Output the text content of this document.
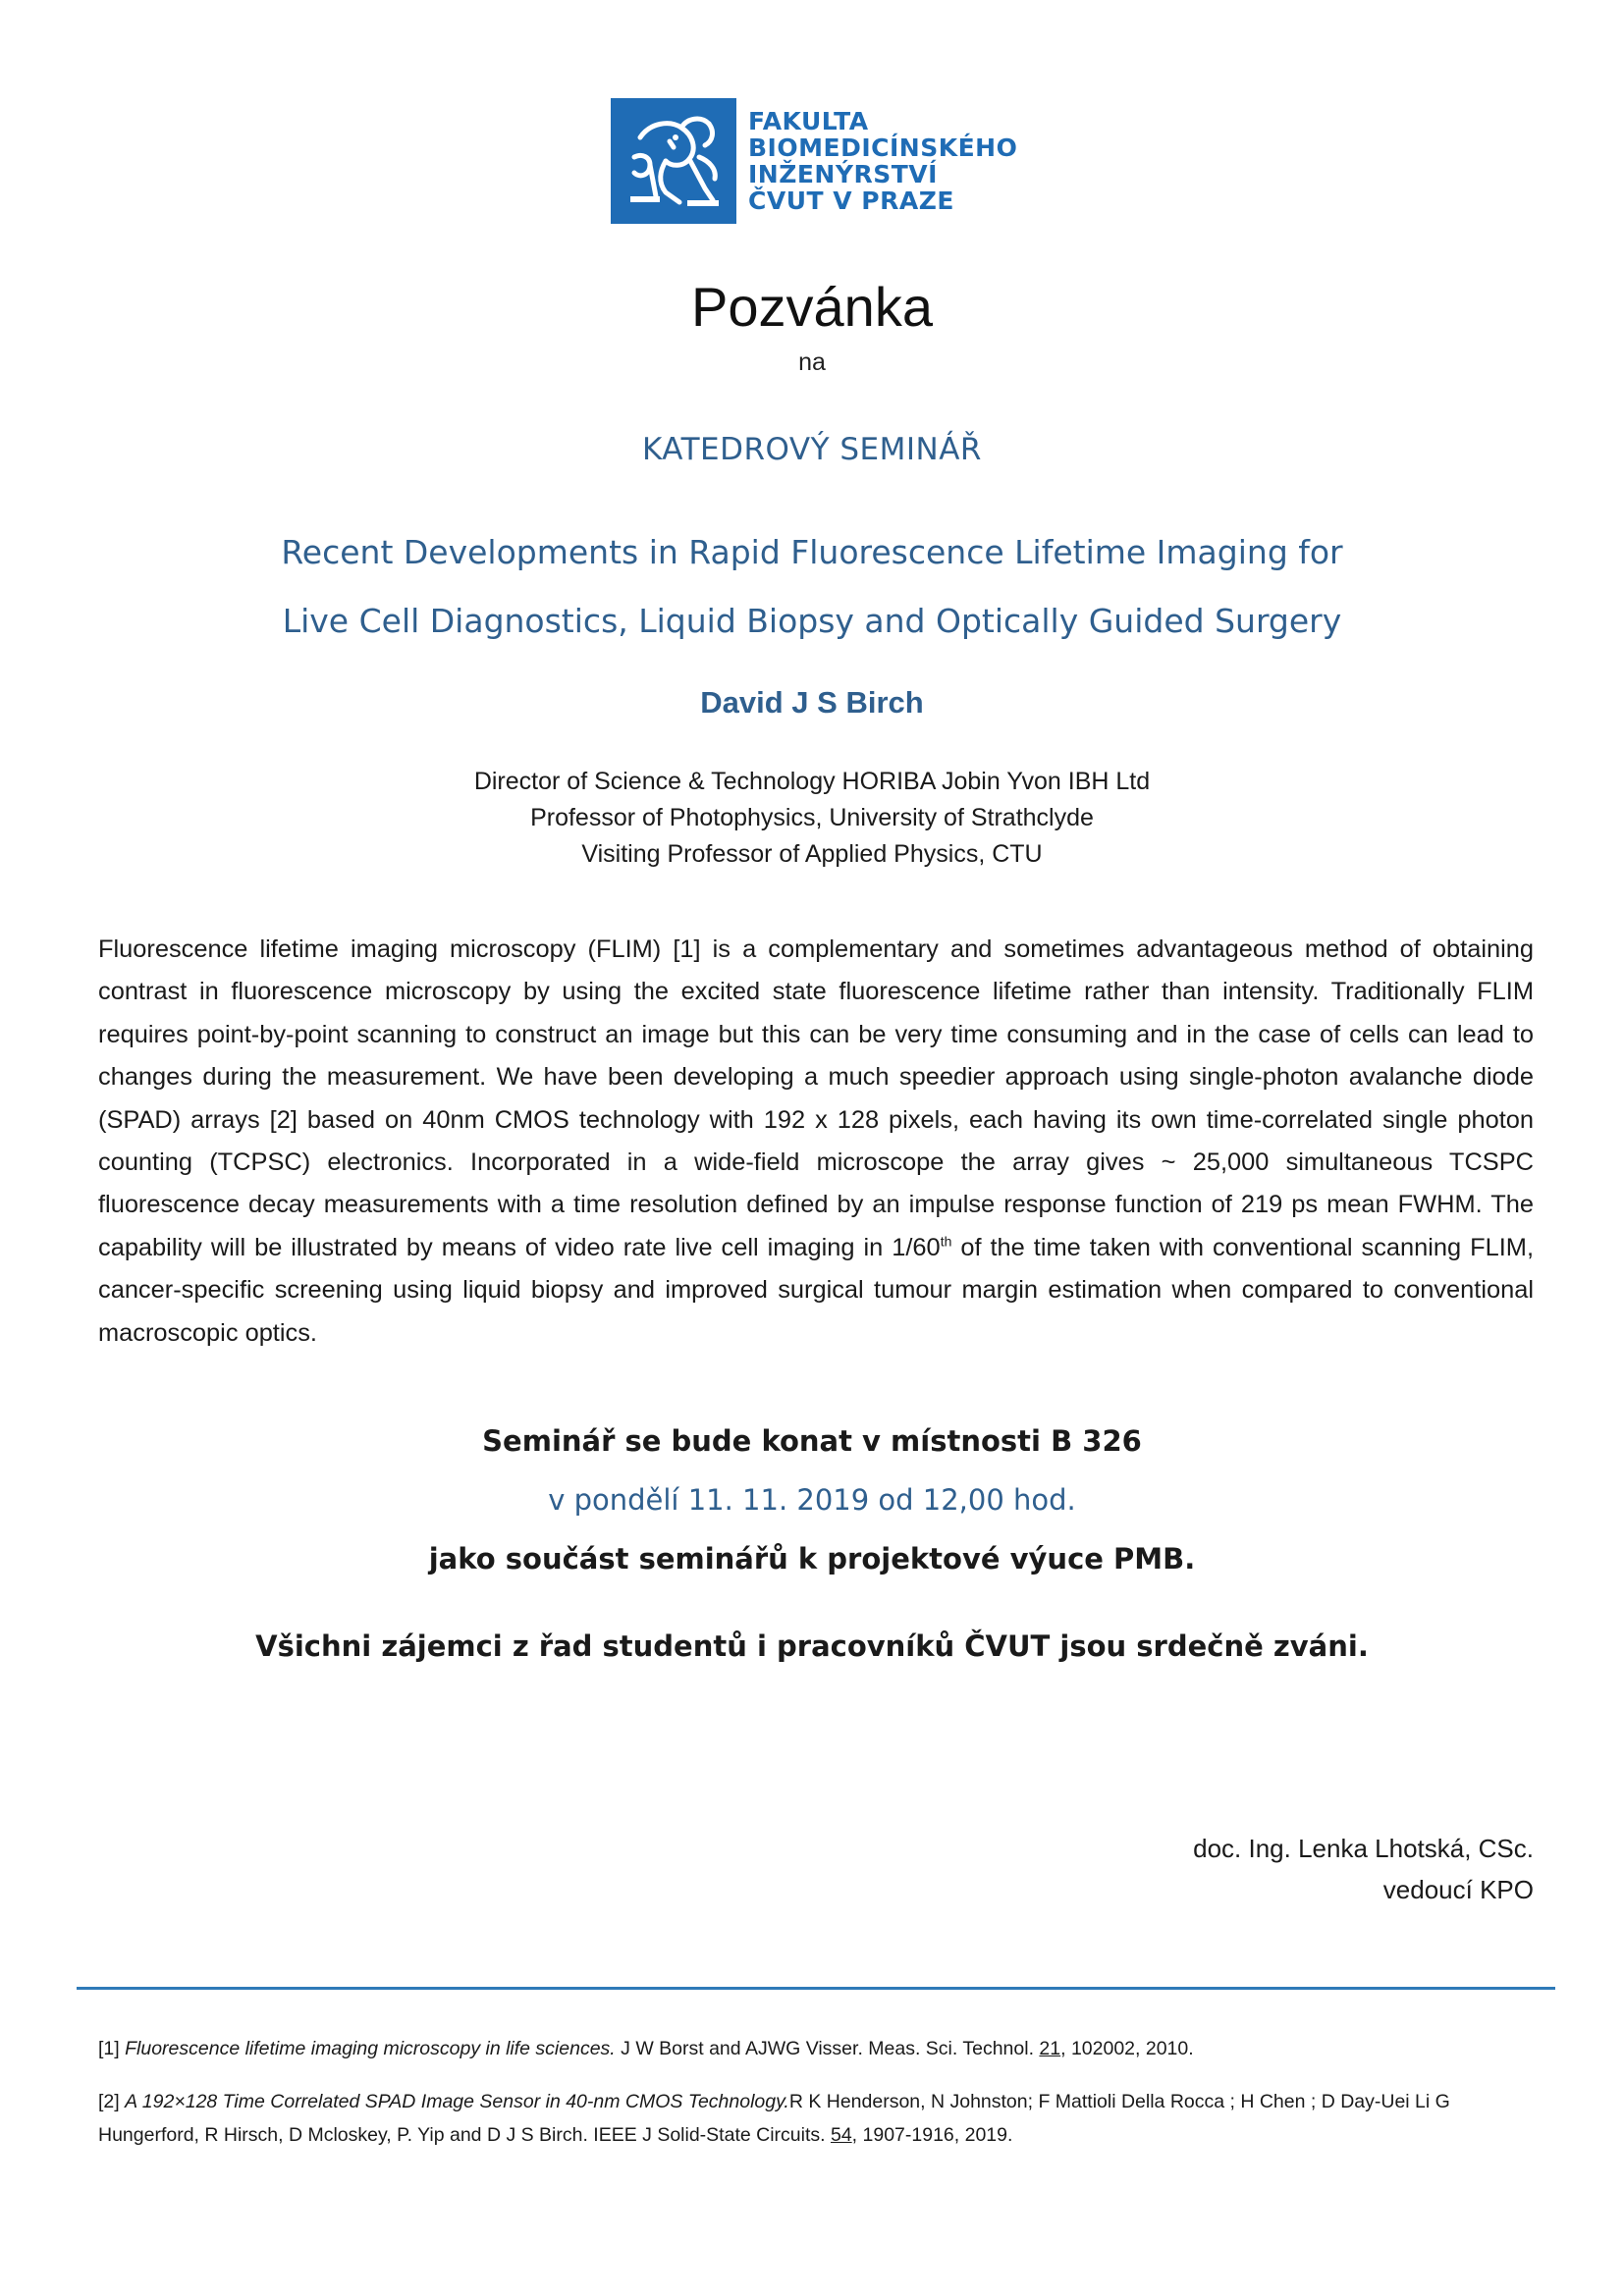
FAKULTA
BIOMEDICÍNSKÉHO
INŽENÝRSTVÍ
ČVUT V PRAZE
Pozvánka
na
KATEDROVÝ SEMINÁŘ
Recent Developments in Rapid Fluorescence Lifetime Imaging for
Live Cell Diagnostics, Liquid Biopsy and Optically Guided Surgery
David J S Birch
Director of Science & Technology HORIBA Jobin Yvon IBH Ltd
Professor of Photophysics, University of Strathclyde
Visiting Professor of Applied Physics, CTU
Fluorescence lifetime imaging microscopy (FLIM) [1] is a complementary and sometimes advantageous method of obtaining contrast in fluorescence microscopy by using the excited state fluorescence lifetime rather than intensity. Traditionally FLIM requires point-by-point scanning to construct an image but this can be very time consuming and in the case of cells can lead to changes during the measurement. We have been developing a much speedier approach using single-photon avalanche diode (SPAD) arrays [2] based on 40nm CMOS technology with 192 x 128 pixels, each having its own time-correlated single photon counting (TCPSC) electronics. Incorporated in a wide-field microscope the array gives ~ 25,000 simultaneous TCSPC fluorescence decay measurements with a time resolution defined by an impulse response function of 219 ps mean FWHM. The capability will be illustrated by means of video rate live cell imaging in 1/60th of the time taken with conventional scanning FLIM, cancer-specific screening using liquid biopsy and improved surgical tumour margin estimation when compared to conventional macroscopic optics.
Seminář se bude konat v místnosti B 326
v pondělí 11. 11. 2019 od 12,00 hod.
jako součást seminářů k projektové výuce PMB.
Všichni zájemci z řad studentů i pracovníků ČVUT jsou srdečně zváni.
doc. Ing. Lenka Lhotská, CSc.
vedoucí KPO
[1] Fluorescence lifetime imaging microscopy in life sciences. J W Borst and AJWG Visser. Meas. Sci. Technol. 21, 102002, 2010.
[2] A 192×128 Time Correlated SPAD Image Sensor in 40-nm CMOS Technology.R K Henderson, N Johnston; F Mattioli Della Rocca ; H Chen ; D Day-Uei Li G Hungerford, R Hirsch, D Mcloskey, P. Yip and D J S Birch. IEEE J Solid-State Circuits. 54, 1907-1916, 2019.
